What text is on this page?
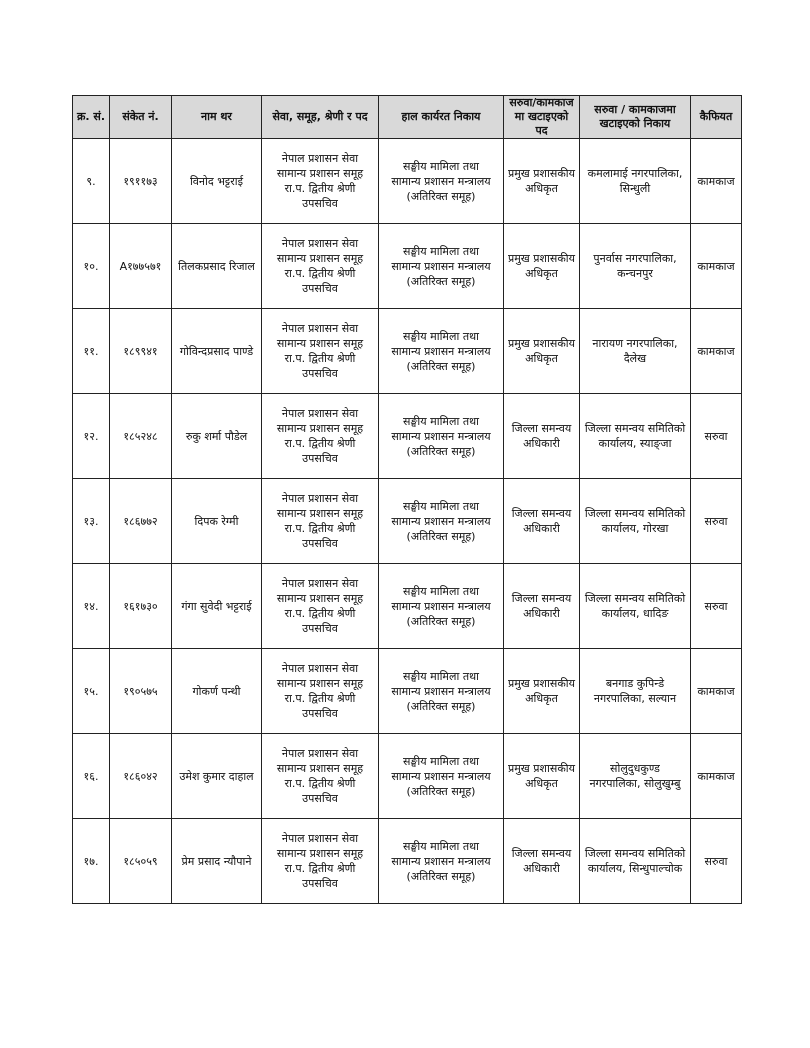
क्र. सं.	संकेत नं.	नाम थर	सेवा, समूह, श्रेणी र पद	हाल कार्यरत निकाय	सरुवा/कामकाज मा खटाइएको पद	सरुवा / कामकाजमा खटाइएको निकाय	कैफियत
९.	१९११७३	विनोद भट्टराई	नेपाल प्रशासन सेवा
सामान्य प्रशासन समूह
रा.प. द्वितीय श्रेणी
उपसचिव	सङ्घीय मामिला तथा
सामान्य प्रशासन मन्त्रालय
(अतिरिक्त समूह)	प्रमुख प्रशासकीय
अधिकृत	कमलामाई नगरपालिका,
सिन्धुली	कामकाज
१०.	A१७७५७१	तिलकप्रसाद रिजाल	नेपाल प्रशासन सेवा
सामान्य प्रशासन समूह
रा.प. द्वितीय श्रेणी
उपसचिव	सङ्घीय मामिला तथा
सामान्य प्रशासन मन्त्रालय
(अतिरिक्त समूह)	प्रमुख प्रशासकीय
अधिकृत	पुनर्वास नगरपालिका,
कन्चनपुर	कामकाज
११.	१८९९४१	गोविन्दप्रसाद पाण्डे	नेपाल प्रशासन सेवा
सामान्य प्रशासन समूह
रा.प. द्वितीय श्रेणी
उपसचिव	सङ्घीय मामिला तथा
सामान्य प्रशासन मन्त्रालय
(अतिरिक्त समूह)	प्रमुख प्रशासकीय
अधिकृत	नारायण नगरपालिका,
दैलेख	कामकाज
१२.	१८५२४८	रुकु शर्मा पौडेल	नेपाल प्रशासन सेवा
सामान्य प्रशासन समूह
रा.प. द्वितीय श्रेणी
उपसचिव	सङ्घीय मामिला तथा
सामान्य प्रशासन मन्त्रालय
(अतिरिक्त समूह)	जिल्ला समन्वय
अधिकारी	जिल्ला समन्वय समितिको
कार्यालय, स्याङ्जा	सरुवा
१३.	१८६७७२	दिपक रेग्मी	नेपाल प्रशासन सेवा
सामान्य प्रशासन समूह
रा.प. द्वितीय श्रेणी
उपसचिव	सङ्घीय मामिला तथा
सामान्य प्रशासन मन्त्रालय
(अतिरिक्त समूह)	जिल्ला समन्वय
अधिकारी	जिल्ला समन्वय समितिको
कार्यालय, गोरखा	सरुवा
१४.	१६१७३०	गंगा सुवेदी भट्टराई	नेपाल प्रशासन सेवा
सामान्य प्रशासन समूह
रा.प. द्वितीय श्रेणी
उपसचिव	सङ्घीय मामिला तथा
सामान्य प्रशासन मन्त्रालय
(अतिरिक्त समूह)	जिल्ला समन्वय
अधिकारी	जिल्ला समन्वय समितिको
कार्यालय, धादिङ	सरुवा
१५.	१९०५७५	गोकर्ण पन्थी	नेपाल प्रशासन सेवा
सामान्य प्रशासन समूह
रा.प. द्वितीय श्रेणी
उपसचिव	सङ्घीय मामिला तथा
सामान्य प्रशासन मन्त्रालय
(अतिरिक्त समूह)	प्रमुख प्रशासकीय
अधिकृत	बनगाड कुपिन्डे
नगरपालिका, सल्यान	कामकाज
१६.	१८६०४२	उमेश कुमार दाहाल	नेपाल प्रशासन सेवा
सामान्य प्रशासन समूह
रा.प. द्वितीय श्रेणी
उपसचिव	सङ्घीय मामिला तथा
सामान्य प्रशासन मन्त्रालय
(अतिरिक्त समूह)	प्रमुख प्रशासकीय
अधिकृत	सोलुदुधकुण्ड
नगरपालिका, सोलुखुम्बु	कामकाज
१७.	१८५०५९	प्रेम प्रसाद न्यौपाने	नेपाल प्रशासन सेवा
सामान्य प्रशासन समूह
रा.प. द्वितीय श्रेणी
उपसचिव	सङ्घीय मामिला तथा
सामान्य प्रशासन मन्त्रालय
(अतिरिक्त समूह)	जिल्ला समन्वय
अधिकारी	जिल्ला समन्वय समितिको
कार्यालय, सिन्धुपाल्चोक	सरुवा
